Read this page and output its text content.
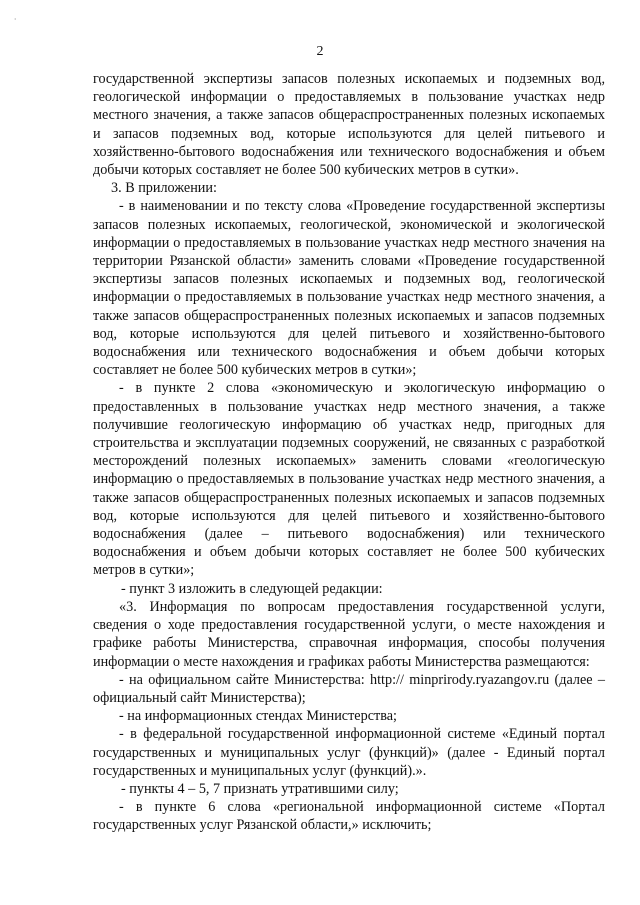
⸱
2

государственной экспертизы запасов полезных ископаемых и подземных вод, геологической информации о предоставляемых в пользование участках недр местного значения, а также запасов общераспространенных полезных ископаемых и запасов подземных вод, которые используются для целей питьевого и хозяйственно-бытового водоснабжения или технического водоснабжения и объем добычи которых составляет не более 500 кубических метров в сутки».

3. В приложении:

- в наименовании и по тексту слова «Проведение государственной экспертизы запасов полезных ископаемых, геологической, экономической и экологической информации о предоставляемых в пользование участках недр местного значения на территории Рязанской области» заменить словами «Проведение государственной экспертизы запасов полезных ископаемых и подземных вод, геологической информации о предоставляемых в пользование участках недр местного значения, а также запасов общераспространенных полезных ископаемых и запасов подземных вод, которые используются для целей питьевого и хозяйственно-бытового водоснабжения или технического водоснабжения и объем добычи которых составляет не более 500 кубических метров в сутки»;

- в пункте 2 слова «экономическую и экологическую информацию о предоставленных в пользование участках недр местного значения, а также получившие геологическую информацию об участках недр, пригодных для строительства и эксплуатации подземных сооружений, не связанных с разработкой месторождений полезных ископаемых» заменить словами «геологическую информацию о предоставляемых в пользование участках недр местного значения, а также запасов общераспространенных полезных ископаемых и запасов подземных вод, которые используются для целей питьевого и хозяйственно-бытового водоснабжения (далее – питьевого водоснабжения) или технического водоснабжения и объем добычи которых составляет не более 500 кубических метров в сутки»;

- пункт 3 изложить в следующей редакции:

«3. Информация по вопросам предоставления государственной услуги, сведения о ходе предоставления государственной услуги, о месте нахождения и графике работы Министерства, справочная информация, способы получения информации о месте нахождения и графиках работы Министерства размещаются:

- на официальном сайте Министерства: http:// minprirody.ryazangov.ru (далее – официальный сайт Министерства);

- на информационных стендах Министерства;

- в федеральной государственной информационной системе «Единый портал государственных и муниципальных услуг (функций)» (далее - Единый портал государственных и муниципальных услуг (функций).».

- пункты 4 – 5, 7 признать утратившими силу;

- в пункте 6 слова «региональной информационной системе «Портал государственных услуг Рязанской области,» исключить;
